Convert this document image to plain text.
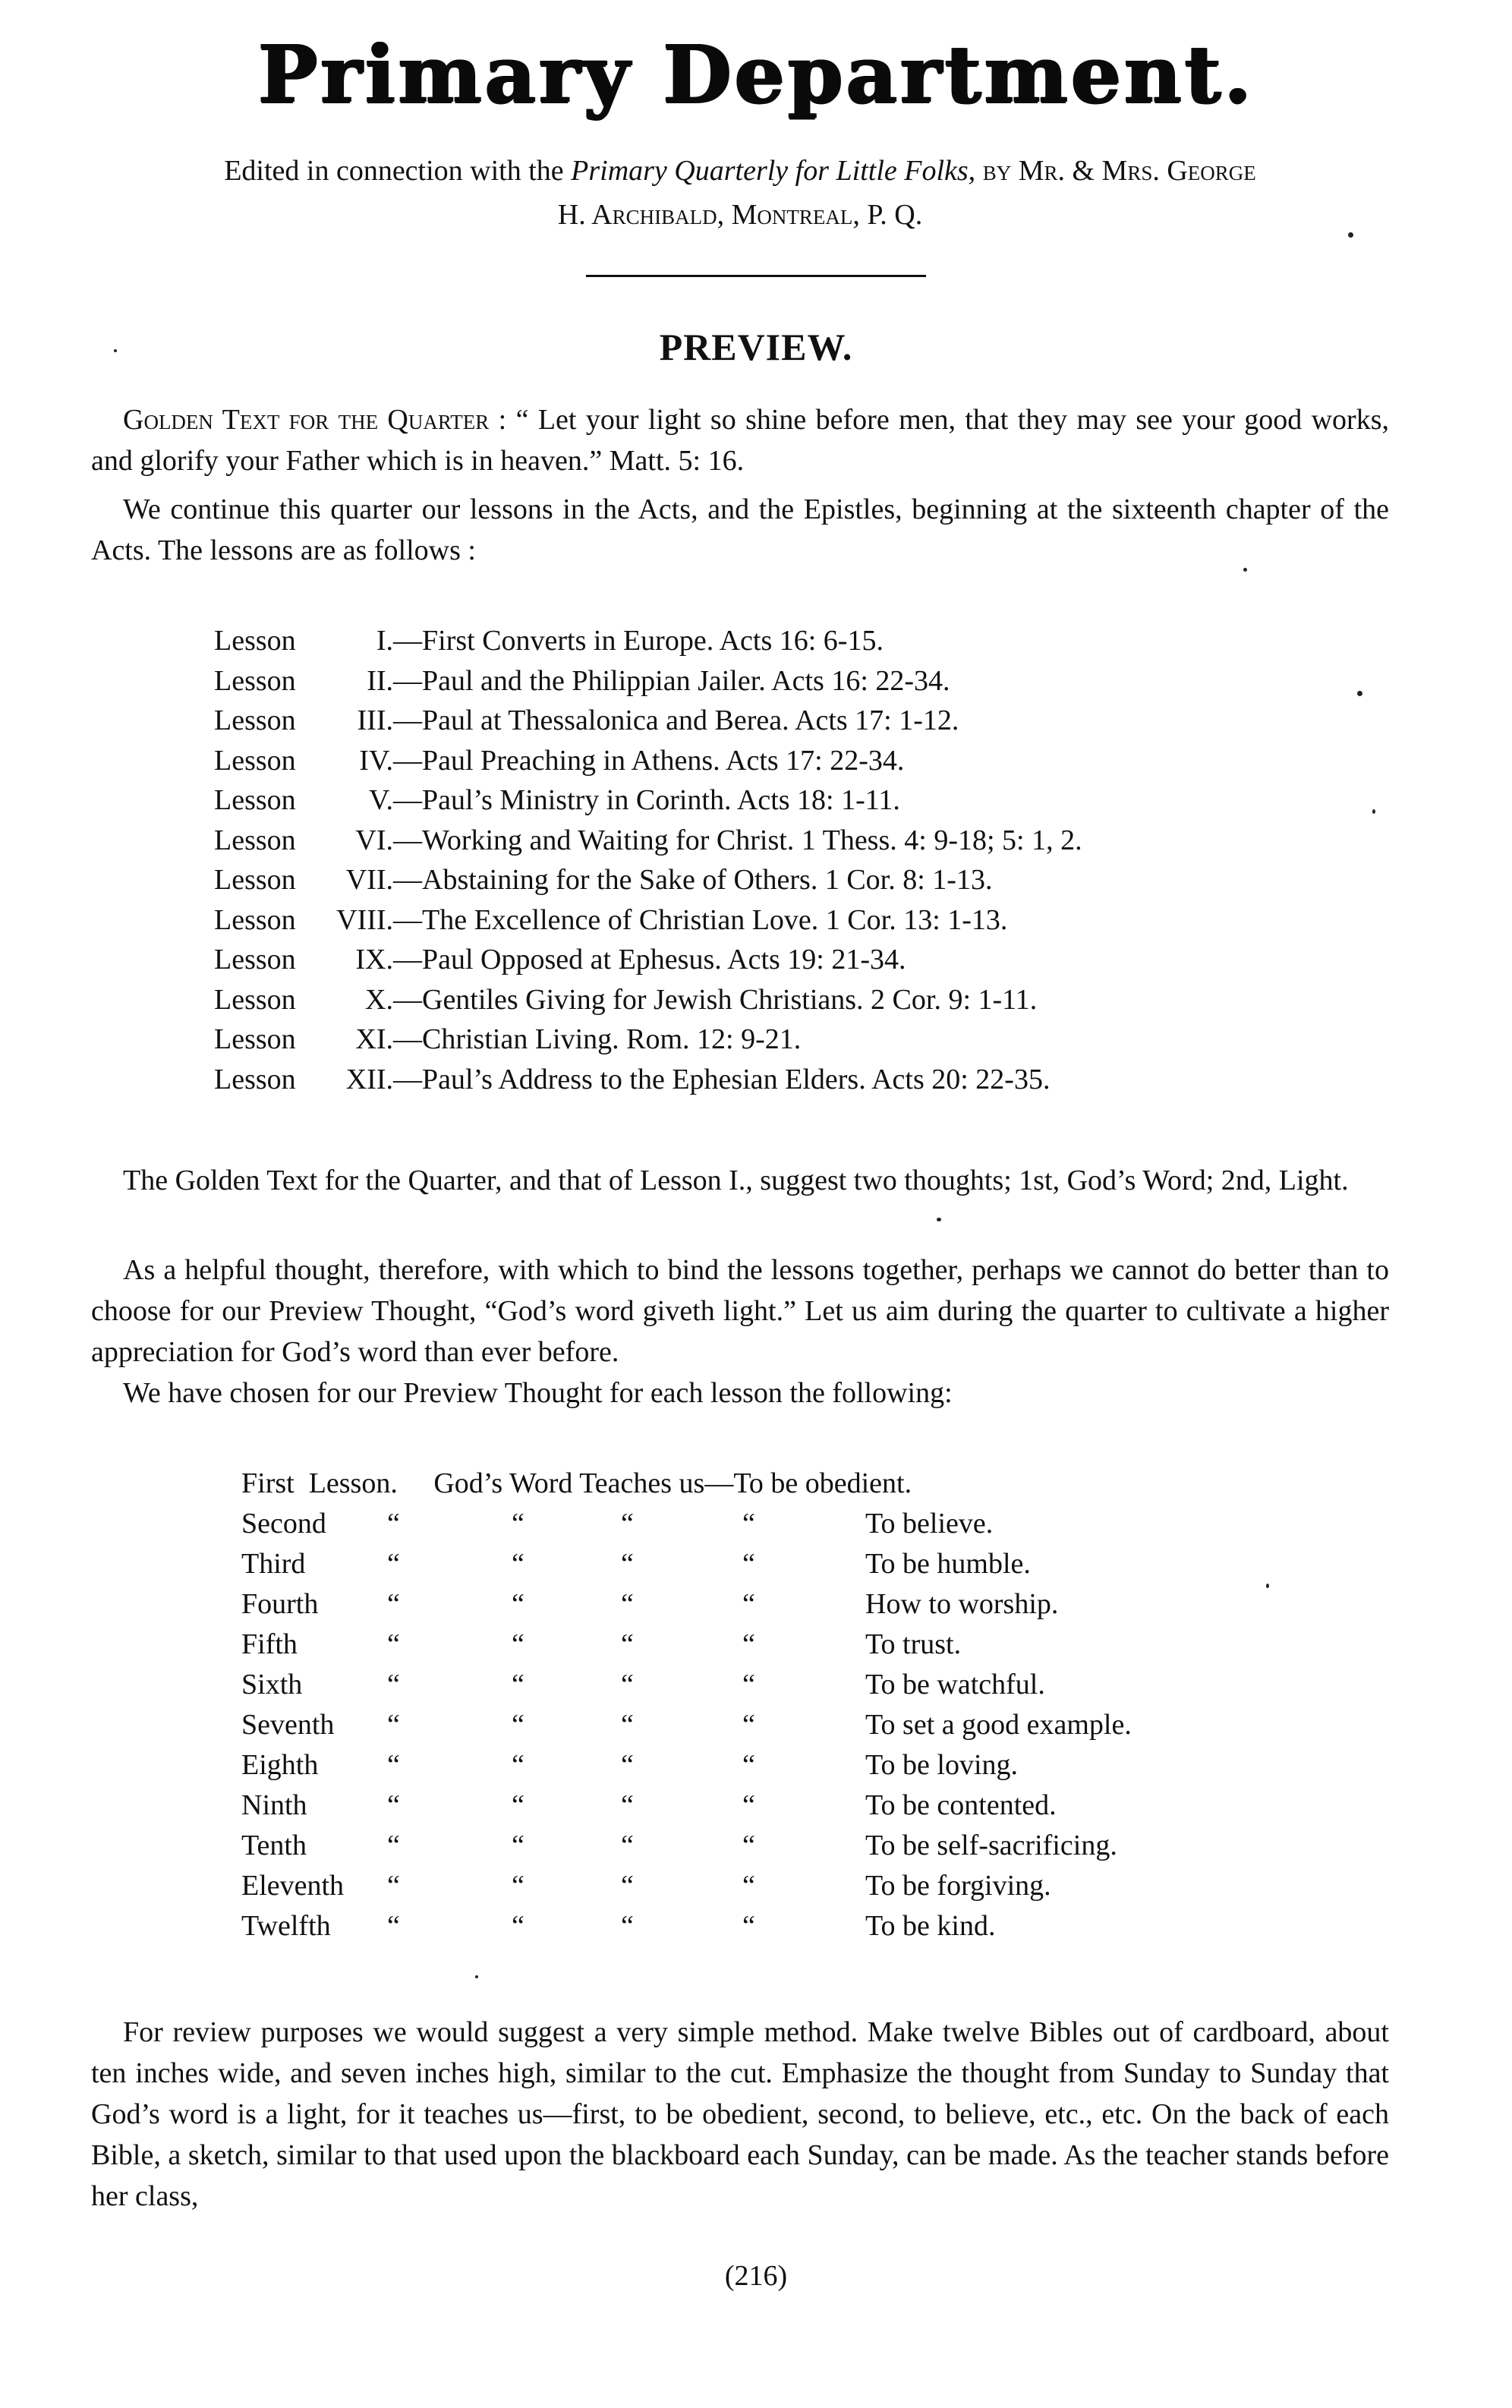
Primary Department.
Edited in connection with the Primary Quarterly for Little Folks, by Mr. & Mrs. George
H. Archibald, Montreal, P. Q.
PREVIEW.
Golden Text for the Quarter : “ Let your light so shine before men, that they may see your good works, and glorify your Father which is in heaven.” Matt. 5: 16.
We continue this quarter our lessons in the Acts, and the Epistles, beginning at the sixteenth chapter of the Acts. The lessons are as follows :
Lesson	I. —First Converts in Europe. Acts 16: 6-15.
Lesson	II. —Paul and the Philippian Jailer. Acts 16: 22-34.
Lesson	III. —Paul at Thessalonica and Berea. Acts 17: 1-12.
Lesson	IV. —Paul Preaching in Athens. Acts 17: 22-34.
Lesson	V. —Paul’s Ministry in Corinth. Acts 18: 1-11.
Lesson	VI. —Working and Waiting for Christ. 1 Thess. 4: 9-18; 5: 1, 2.
Lesson	VII. —Abstaining for the Sake of Others. 1 Cor. 8: 1-13.
Lesson	VIII. —The Excellence of Christian Love. 1 Cor. 13: 1-13.
Lesson	IX. —Paul Opposed at Ephesus. Acts 19: 21-34.
Lesson	X. —Gentiles Giving for Jewish Christians. 2 Cor. 9: 1-11.
Lesson	XI. —Christian Living. Rom. 12: 9-21.
Lesson	XII. —Paul’s Address to the Ephesian Elders. Acts 20: 22-35.
The Golden Text for the Quarter, and that of Lesson I., suggest two thoughts; 1st, God’s Word; 2nd, Light.
As a helpful thought, therefore, with which to bind the lessons together, perhaps we cannot do better than to choose for our Preview Thought, “God’s word giveth light.” Let us aim during the quarter to cultivate a higher appreciation for God’s word than ever before.
We have chosen for our Preview Thought for each lesson the following:
First  Lesson.     God’s Word Teaches us—To be obedient.
Second “	“	“	“	To believe.
Third	“	“	“	“	To be humble.
Fourth “	“	“	“	How to worship.
Fifth	“	“	“	“	To trust.
Sixth	“	“	“	“	To be watchful.
Seventh “	“	“	“	To set a good example.
Eighth “	“	“	“	To be loving.
Ninth	“	“	“	“	To be contented.
Tenth	“	“	“	“	To be self-sacrificing.
Eleventh “	“	“	“	To be forgiving.
Twelfth “	“	“	“	To be kind.
For review purposes we would suggest a very simple method. Make twelve Bibles out of cardboard, about ten inches wide, and seven inches high, similar to the cut. Emphasize the thought from Sunday to Sunday that God’s word is a light, for it teaches us—first, to be obedient, second, to believe, etc., etc. On the back of each Bible, a sketch, similar to that used upon the blackboard each Sunday, can be made. As the teacher stands before her class,
(216)
